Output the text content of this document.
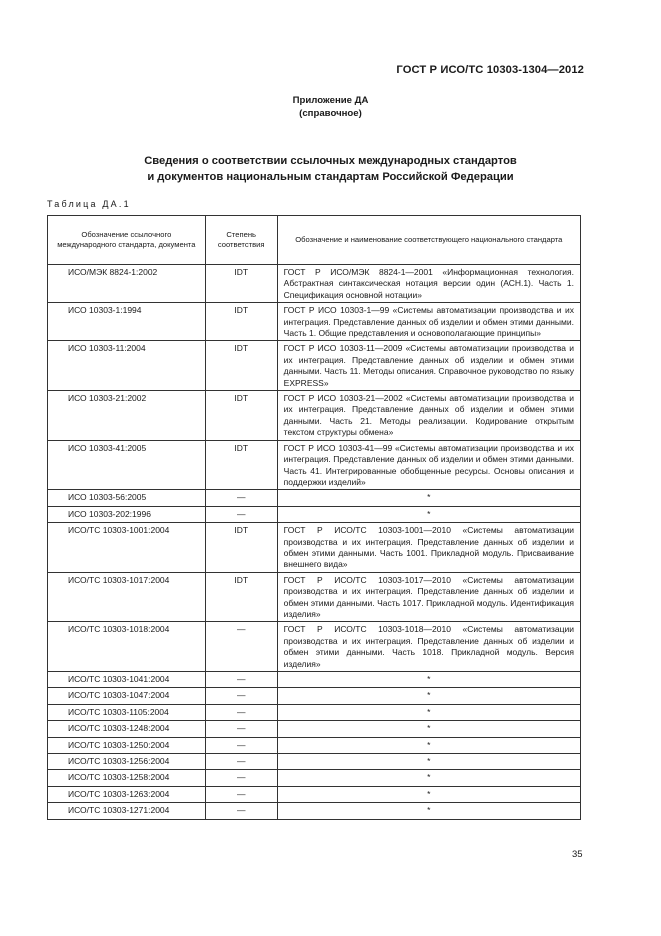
ГОСТ Р ИСО/ТС 10303-1304—2012
Приложение ДА
(справочное)
Сведения о соответствии ссылочных международных стандартов
и документов национальным стандартам Российской Федерации
Таблица ДА.1
Обозначение ссылочного международного стандарта, документа	Степень соответствия	Обозначение и наименование соответствующего национального стандарта
ИСО/МЭК 8824-1:2002	IDT	ГОСТ Р ИСО/МЭК 8824-1—2001 «Информационная технология. Абстрактная синтаксическая нотация версии один (АСН.1). Часть 1. Спецификация основной нотации»
ИСО 10303-1:1994	IDT	ГОСТ Р ИСО 10303-1—99 «Системы автоматизации производства и их интеграция. Представление данных об изделии и обмен этими данными. Часть 1. Общие представления и основополагающие принципы»
ИСО 10303-11:2004	IDT	ГОСТ Р ИСО 10303-11—2009 «Системы автоматизации производства и их интеграция. Представление данных об изделии и обмен этими данными. Часть 11. Методы описания. Справочное руководство по языку EXPRESS»
ИСО 10303-21:2002	IDT	ГОСТ Р ИСО 10303-21—2002 «Системы автоматизации производства и их интеграция. Представление данных об изделии и обмен этими данными. Часть 21. Методы реализации. Кодирование открытым текстом структуры обмена»
ИСО 10303-41:2005	IDT	ГОСТ Р ИСО 10303-41—99 «Системы автоматизации производства и их интеграция. Представление данных об изделии и обмен этими данными. Часть 41. Интегрированные обобщенные ресурсы. Основы описания и поддержки изделий»
ИСО 10303-56:2005	—	*
ИСО 10303-202:1996	—	*
ИСО/ТС 10303-1001:2004	IDT	ГОСТ Р ИСО/ТС 10303-1001—2010 «Системы автоматизации производства и их интеграция. Представление данных об изделии и обмен этими данными. Часть 1001. Прикладной модуль. Присваивание внешнего вида»
ИСО/ТС 10303-1017:2004	IDT	ГОСТ Р ИСО/ТС 10303-1017—2010 «Системы автоматизации производства и их интеграция. Представление данных об изделии и обмен этими данными. Часть 1017. Прикладной модуль. Идентификация изделия»
ИСО/ТС 10303-1018:2004	—	ГОСТ Р ИСО/ТС 10303-1018—2010 «Системы автоматизации производства и их интеграция. Представление данных об изделии и обмен этими данными. Часть 1018. Прикладной модуль. Версия изделия»
ИСО/ТС 10303-1041:2004	—	*
ИСО/ТС 10303-1047:2004	—	*
ИСО/ТС 10303-1105:2004	—	*
ИСО/ТС 10303-1248:2004	—	*
ИСО/ТС 10303-1250:2004	—	*
ИСО/ТС 10303-1256:2004	—	*
ИСО/ТС 10303-1258:2004	—	*
ИСО/ТС 10303-1263:2004	—	*
ИСО/ТС 10303-1271:2004	—	*
35
